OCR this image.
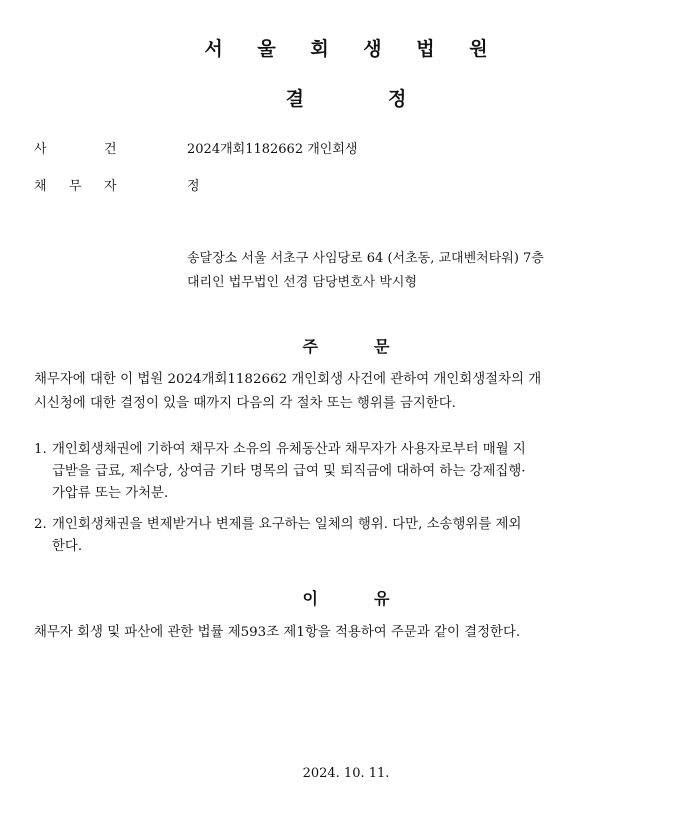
서 울 회 생 법 원
결	정
사	건	2024개회1182662 개인회생
채 무 자	정
송달장소 서울 서초구 사임당로 64 (서초동, 교대벤처타워) 7층
대리인 법무법인 선경 담당변호사 박시형
주	문
채무자에 대한 이 법원 2024개회1182662 개인회생 사건에 관하여 개인회생절차의 개
시신청에 대한 결정이 있을 때까지 다음의 각 절차 또는 행위를 금지한다.
1. 개인회생채권에 기하여 채무자 소유의 유체동산과 채무자가 사용자로부터 매월 지
급받을 급료, 제수당, 상여금 기타 명목의 급여 및 퇴직금에 대하여 하는 강제집행·
가압류 또는 가처분.
2. 개인회생채권을 변제받거나 변제를 요구하는 일체의 행위. 다만, 소송행위를 제외
한다.
이	유
채무자 회생 및 파산에 관한 법률 제593조 제1항을 적용하여 주문과 같이 결정한다.
2024. 10. 11.
